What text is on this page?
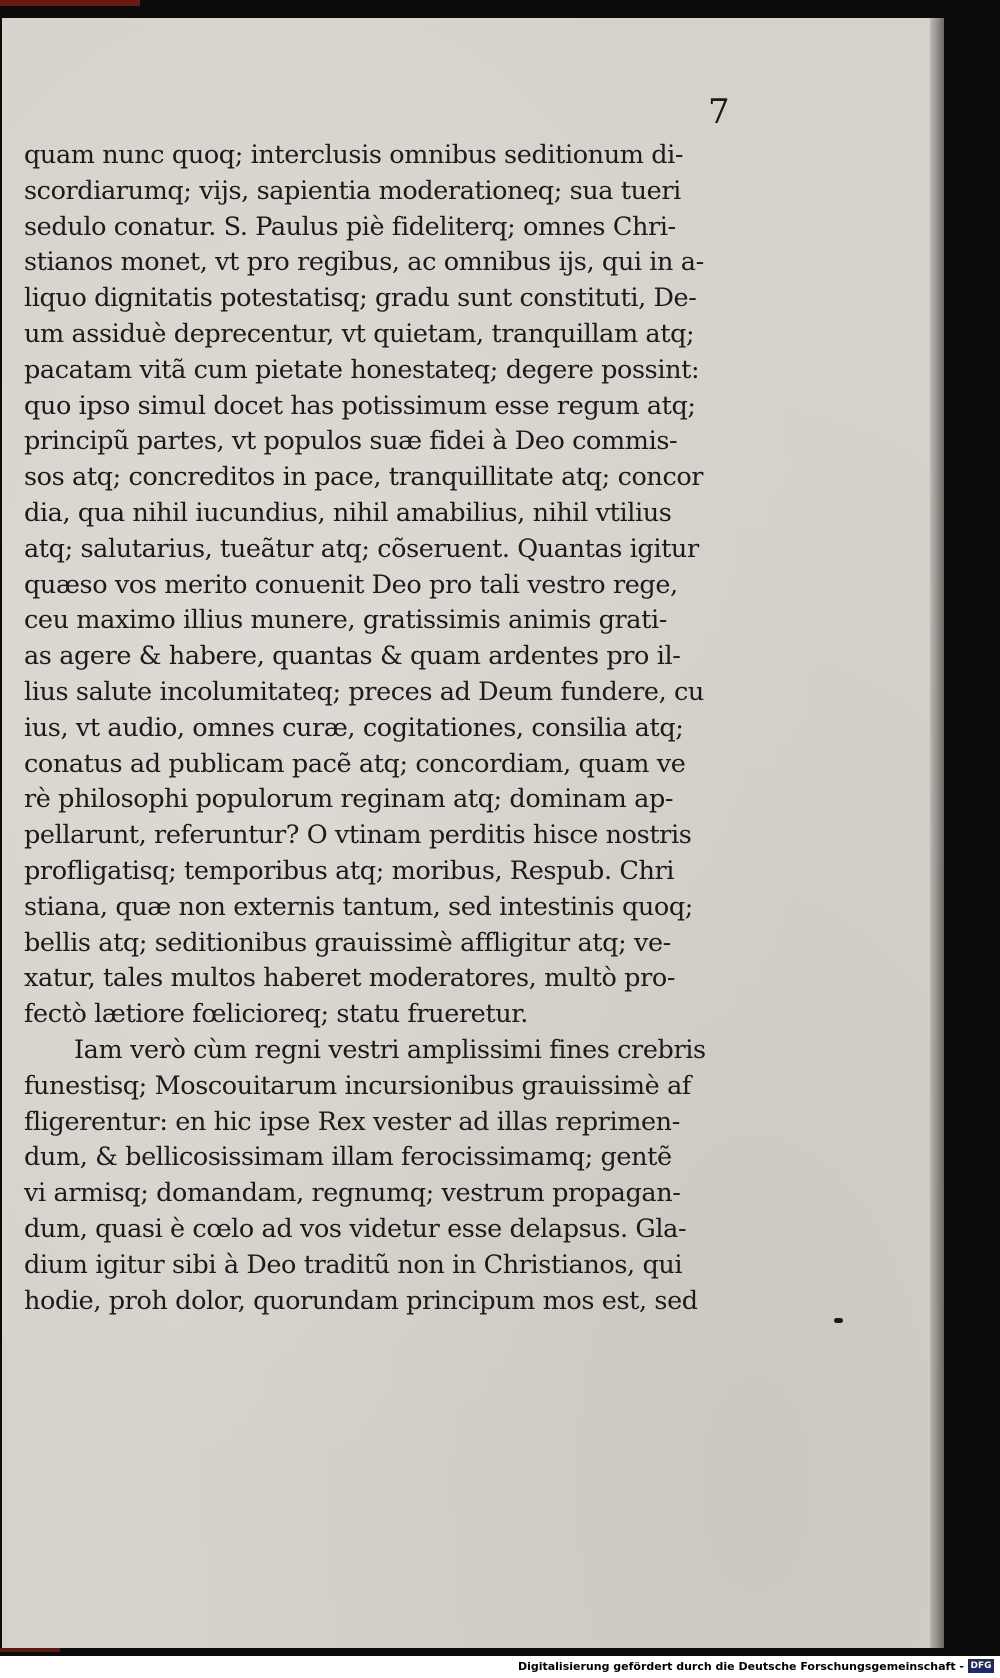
7
quam nunc quoq; interclusis omnibus seditionum di-
scordiarumq; vijs, sapientia moderationeq; sua tueri
sedulo conatur. S. Paulus piè fideliterq; omnes Chri-
stianos monet, vt pro regibus, ac omnibus ijs, qui in a-
liquo dignitatis potestatisq; gradu sunt constituti, De-
um assiduè deprecentur, vt quietam, tranquillam atq;
pacatam vitã cum pietate honestateq; degere possint:
quo ipso simul docet has potissimum esse regum atq;
principũ partes, vt populos suæ fidei à Deo commis-
sos atq; concreditos in pace, tranquillitate atq; concor
dia, qua nihil iucundius, nihil amabilius, nihil vtilius
atq; salutarius, tueãtur atq; cõseruent. Quantas igitur
quæso vos merito conuenit Deo pro tali vestro rege,
ceu maximo illius munere, gratissimis animis grati-
as agere & habere, quantas & quam ardentes pro il-
lius salute incolumitateq; preces ad Deum fundere, cu
ius, vt audio, omnes curæ, cogitationes, consilia atq;
conatus ad publicam pacẽ atq; concordiam, quam ve
rè philosophi populorum reginam atq; dominam ap-
pellarunt, referuntur? O vtinam perditis hisce nostris
profligatisq; temporibus atq; moribus, Respub. Chri
stiana, quæ non externis tantum, sed intestinis quoq;
bellis atq; seditionibus grauissimè affligitur atq; ve-
xatur, tales multos haberet moderatores, multò pro-
fectò lætiore fœlicioreq; statu frueretur.
Iam verò cùm regni vestri amplissimi fines crebris
funestisq; Moscouitarum incursionibus grauissimè af
fligerentur: en hic ipse Rex vester ad illas reprimen-
dum, & bellicosissimam illam ferocissimamq; gentẽ
vi armisq; domandam, regnumq; vestrum propagan-
dum, quasi è cœlo ad vos videtur esse delapsus. Gla-
dium igitur sibi à Deo traditũ non in Christianos, qui
hodie, proh dolor, quorundam principum mos est, sed
Digitalisierung gefördert durch die Deutsche Forschungsgemeinschaft - DFG
